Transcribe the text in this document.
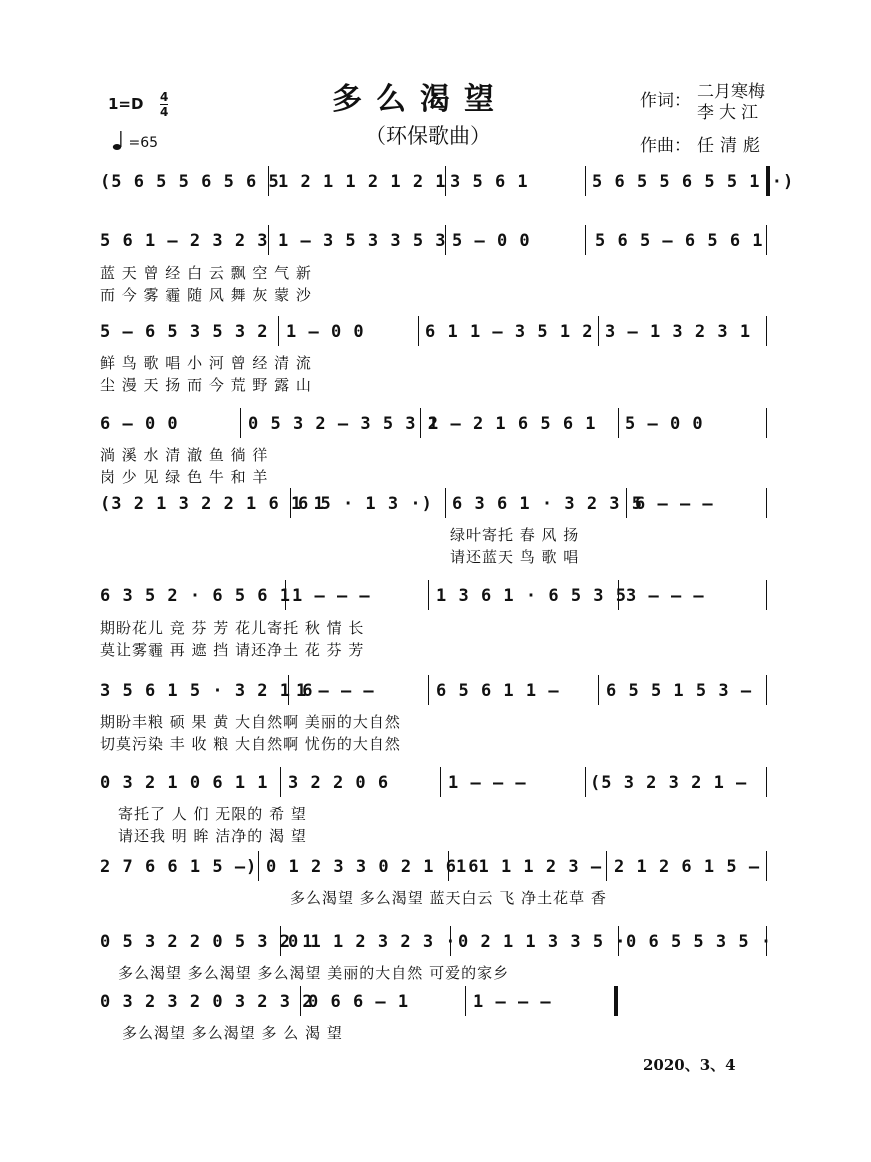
多么渴望
（环保歌曲）
1=D 4
4
=65
作词： 二月寒梅
李大江
作曲： 任清彪
(5 6 5 5 6 5 6 5
1 2 1 1 2 1 2 1 3 5 6 1	5 6 5 5 6 5 5 1 ·)
5 6 1 – 2 3 2 3 1 – 3 5 3 3 5 3 5 – 0 0	5 6 5 – 6 5 6 1
蓝 天 曾 经 白 云 飘 空 气 新
而 今 雾 霾 随 风 舞 灰 蒙 沙
5 – 6 5 3 5 3 2 1 – 0 0	6 1 1 – 3 5 1 2 3 – 1 3 2 3 1
鲜 鸟 歌 唱 小 河 曾 经 清 流
尘 漫 天 扬 而 今 荒 野 露 山
6 – 0 0	0 5 3 2 – 3 5 3 2
1 – 2 1 6 5 6 1 5 – 0 0
淌 溪 水 清 澈 鱼 徜 徉
岗 少 见 绿 色 牛 和 羊
(3 2 1 3 2 2 1 6 1 1
6 5 · 1 3 ·) 6 3 6 1 · 3 2 3 5
6 – – –
绿叶寄托 春 风 扬
请还蓝天 鸟 歌 唱
6 3 5 2 · 6 5 6 1 1 – – –	1 3 6 1 · 6 5 3 5 3 – – –
期盼花儿 竞 芬 芳 花儿寄托 秋 情 长
莫让雾霾 再 遮 挡 请还净土 花 芬 芳
3 5 6 1 5 · 3 2 1 6
1 – – –	6 5 6 1 1 –	6 5 5 1 5 3 –
期盼丰粮 硕 果 黄 大自然啊 美丽的大自然
切莫污染 丰 收 粮 大自然啊 忧伤的大自然
0 3 2 1 0 6 1 1 3 2 2 0 6	1 – – –	(5 3 2 3 2 1 –
寄托了 人 们 无限的 希 望
请还我 明 眸 洁净的 渴 望
2 7 6 6 1 5 –) 0 1 2 3 3 0 2 1 6 6
1 1 1 1 2 3 – 2 1 2 6 1 5 –
多么渴望 多么渴望 蓝天白云 飞 净土花草 香
0 5 3 2 2 0 5 3 2 1
0 1 1 2 3 2 3 · 0 2 1 1 3 3 5 · 0 6 5 5 3 5 ·
多么渴望 多么渴望 多么渴望 美丽的大自然 可爱的家乡
0 3 2 3 2 0 3 2 3 2
0 6 6 – 1	1 – – –
多么渴望 多么渴望 多 么 渴 望
2020、3、4
